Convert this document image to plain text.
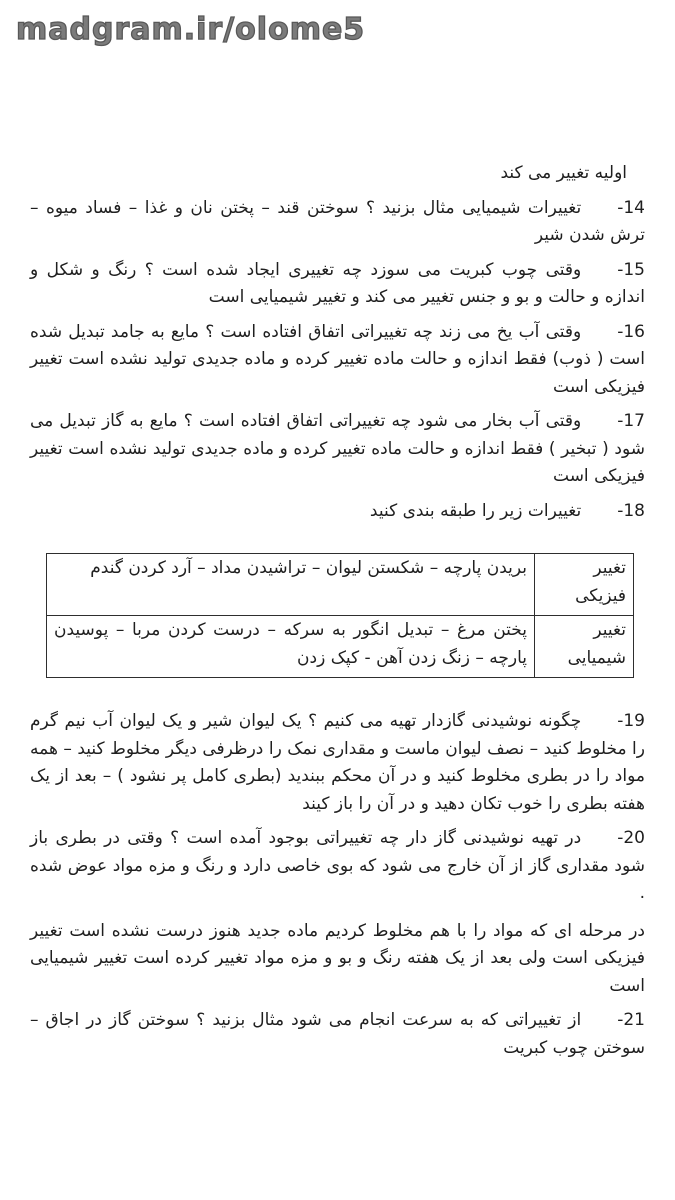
madgram.ir/olome5

اولیه تغییر می کند

14-تغییرات شیمیایی مثال بزنید ؟ سوختن قند – پختن نان و غذا – فساد میوه – ترش شدن شیر
15-وقتی چوب کبریت می سوزد چه تغییری ایجاد شده است ؟ رنگ و شکل و اندازه و حالت و بو و جنس تغییر می کند و تغییر شیمیایی است
16-وقتی آب یخ می زند چه تغییراتی اتفاق افتاده است ؟ مایع به جامد تبدیل شده است ( ذوب) فقط اندازه و حالت ماده تغییر کرده و ماده جدیدی تولید نشده است تغییر فیزیکی است
17-وقتی آب بخار می شود چه تغییراتی اتفاق افتاده است ؟ مایع به گاز تبدیل می شود ( تبخیر ) فقط اندازه و حالت ماده تغییر کرده و ماده جدیدی تولید نشده است تغییر فیزیکی است
18-تغییرات زیر را طبقه بندی کنید
تغییر فیزیکی	بریدن پارچه – شکستن لیوان – تراشیدن مداد – آرد کردن گندم
تغییر شیمیایی	پختن مرغ – تبدیل انگور به سرکه – درست کردن مربا – پوسیدن پارچه – زنگ زدن آهن - کپک زدن
19-چگونه نوشیدنی گازدار تهیه می کنیم ؟ یک لیوان شیر و یک لیوان آب نیم گرم را مخلوط کنید – نصف لیوان ماست و مقداری نمک را درظرفی دیگر مخلوط کنید – همه مواد را در بطری مخلوط کنید و در آن محکم ببندید (بطری کامل پر نشود ) – بعد از یک هفته بطری را خوب تکان دهید و در آن را باز کیند
20-در تهیه نوشیدنی گاز دار چه تغییراتی بوجود آمده است ؟ وقتی در بطری باز شود مقداری گاز از آن خارج می شود که بوی خاصی دارد و رنگ و مزه مواد عوض شده .

در مرحله ای که مواد را با هم مخلوط کردیم ماده جدید هنوز درست نشده است تغییر فیزیکی است ولی بعد از یک هفته رنگ و بو و مزه مواد تغییر کرده است تغییر شیمیایی است

21-از تغییراتی که به سرعت انجام می شود مثال بزنید ؟ سوختن گاز در اجاق – سوختن چوب کبریت
